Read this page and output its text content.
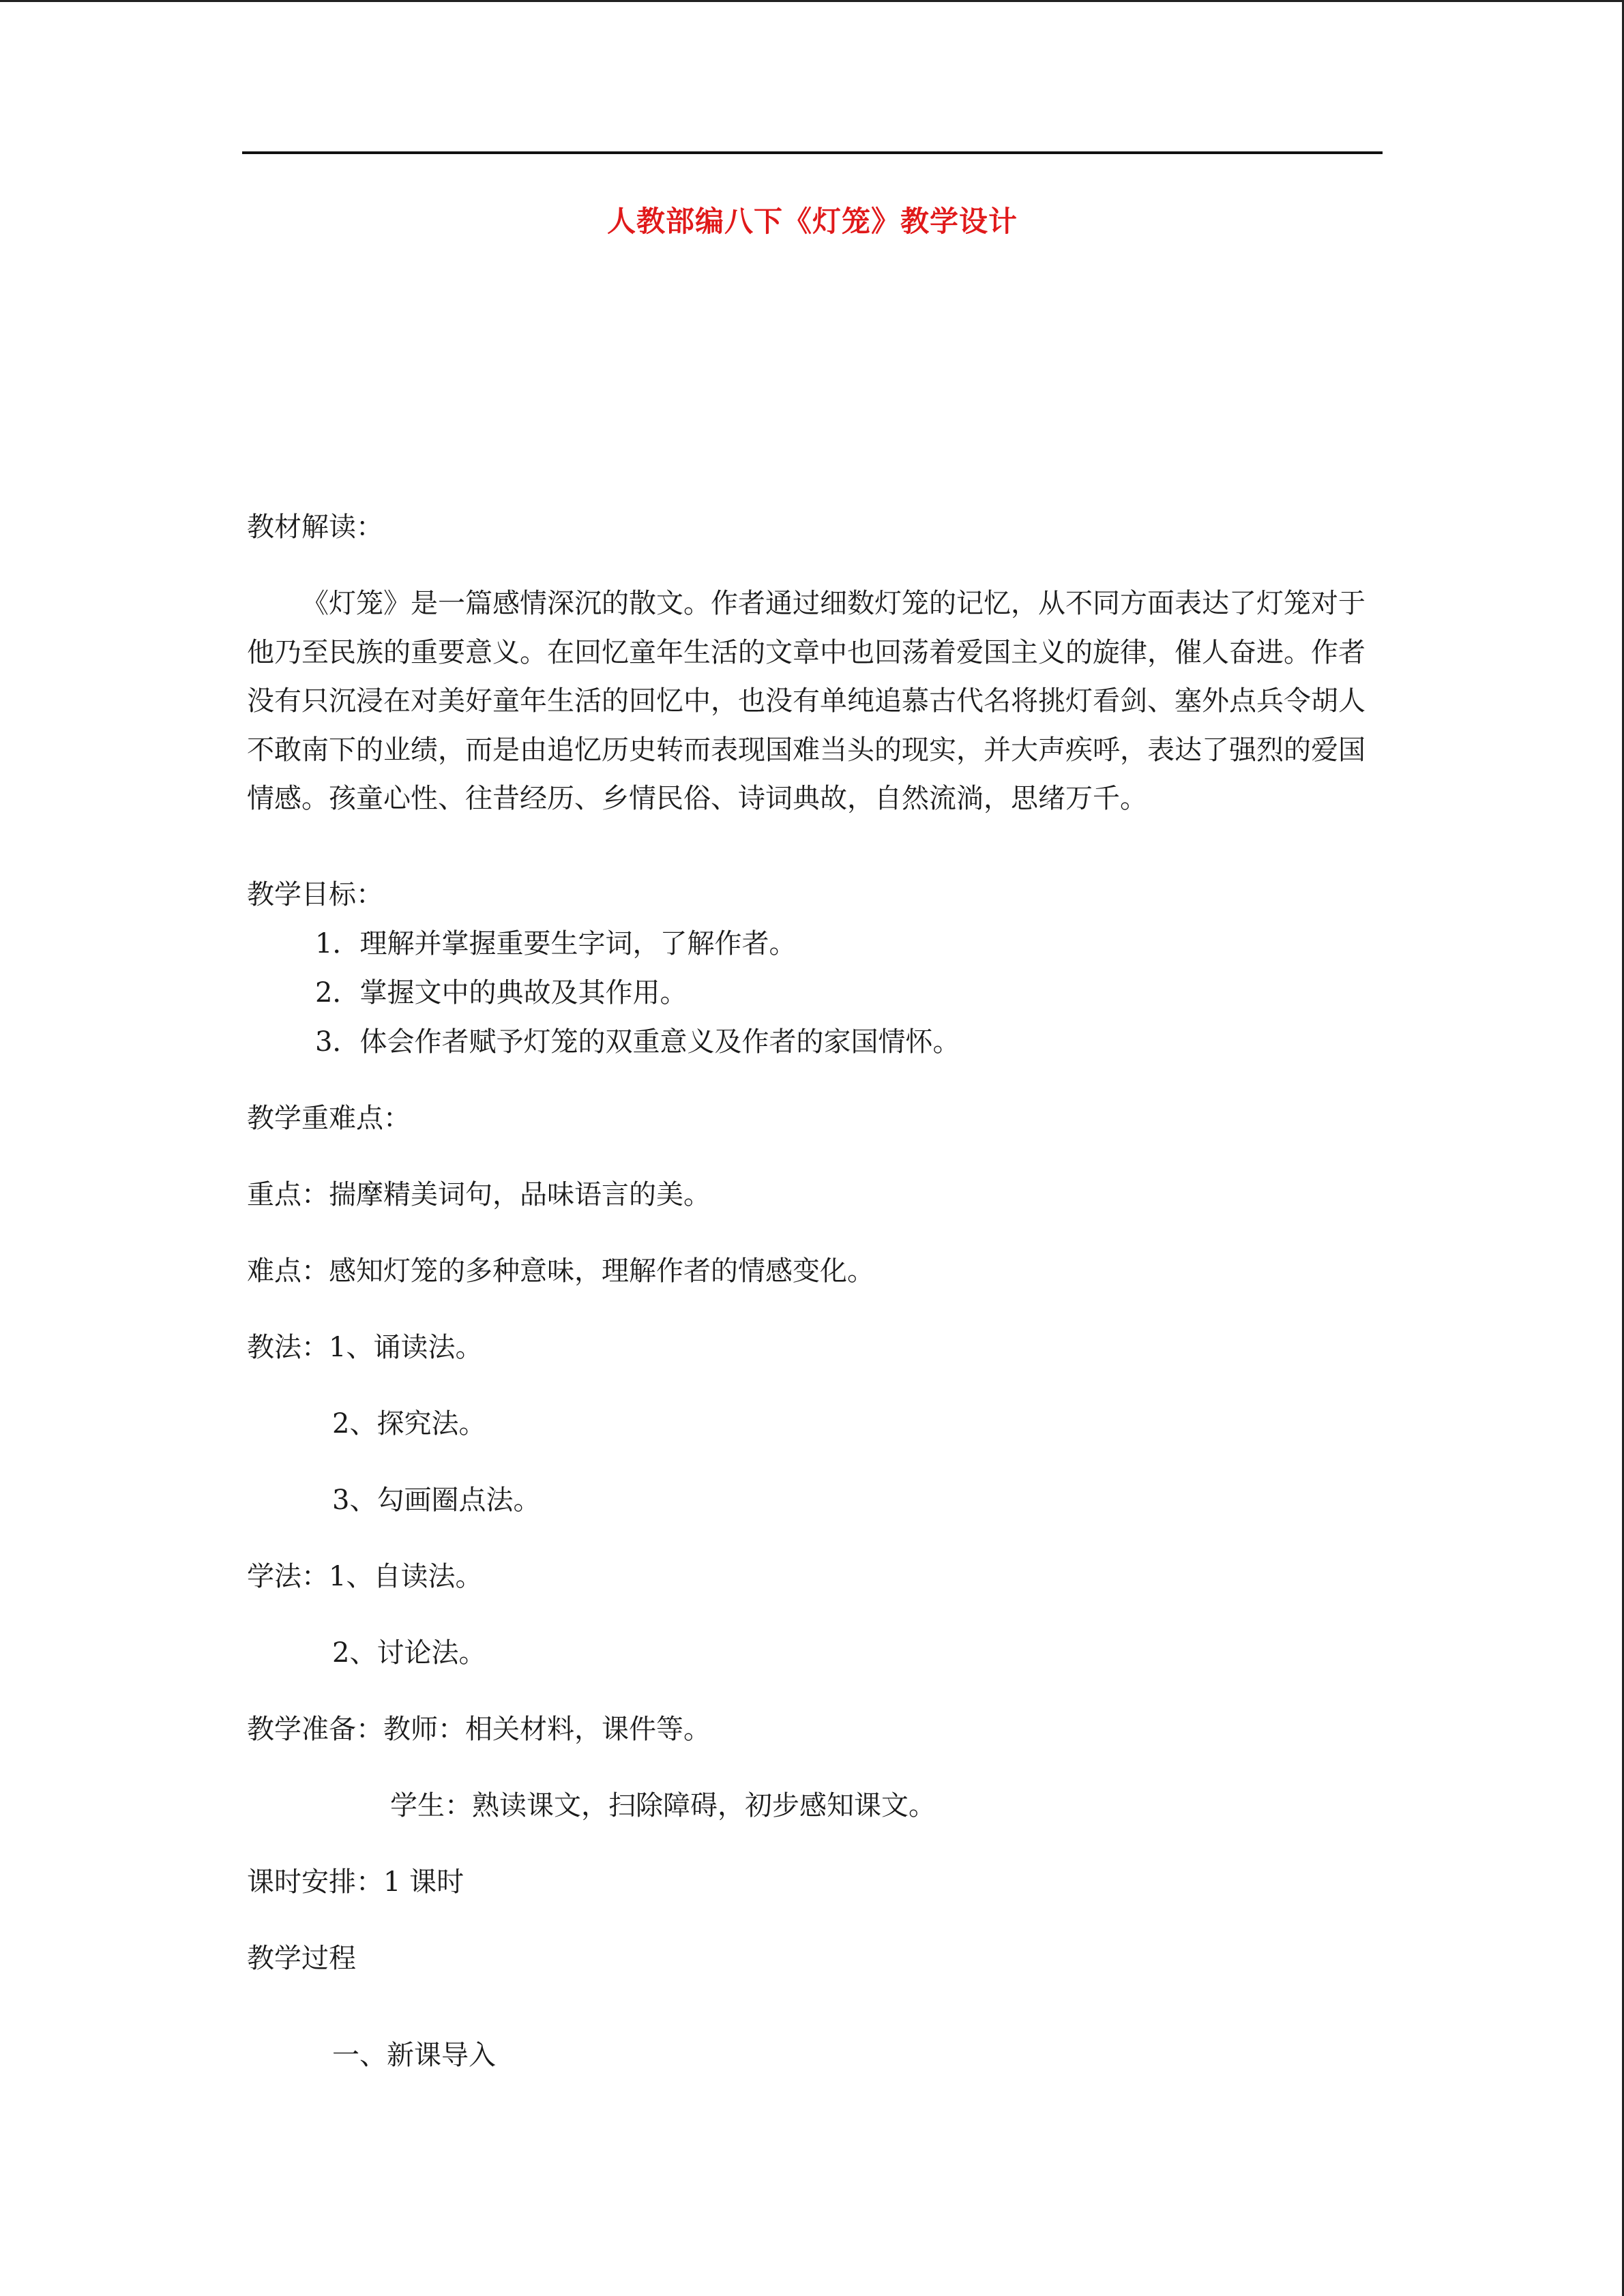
人教部编八下《灯笼》教学设计
教材解读：
《灯笼》是一篇感情深沉的散文。作者通过细数灯笼的记忆，从不同方面表达了灯笼对于他乃至民族的重要意义。在回忆童年生活的文章中也回荡着爱国主义的旋律，催人奋进。作者没有只沉浸在对美好童年生活的回忆中，也没有单纯追慕古代名将挑灯看剑、塞外点兵令胡人不敢南下的业绩，而是由追忆历史转而表现国难当头的现实，并大声疾呼，表达了强烈的爱国情感。孩童心性、往昔经历、乡情民俗、诗词典故，自然流淌，思绪万千。
教学目标：
1．理解并掌握重要生字词，了解作者。
2．掌握文中的典故及其作用。
3．体会作者赋予灯笼的双重意义及作者的家国情怀。
教学重难点：
重点：揣摩精美词句，品味语言的美。
难点：感知灯笼的多种意味，理解作者的情感变化。
教法：1、诵读法。
2、探究法。
3、勾画圈点法。
学法：1、自读法。
2、讨论法。
教学准备：教师：相关材料，课件等。
学生：熟读课文，扫除障碍，初步感知课文。
课时安排：1 课时
教学过程
一、新课导入
